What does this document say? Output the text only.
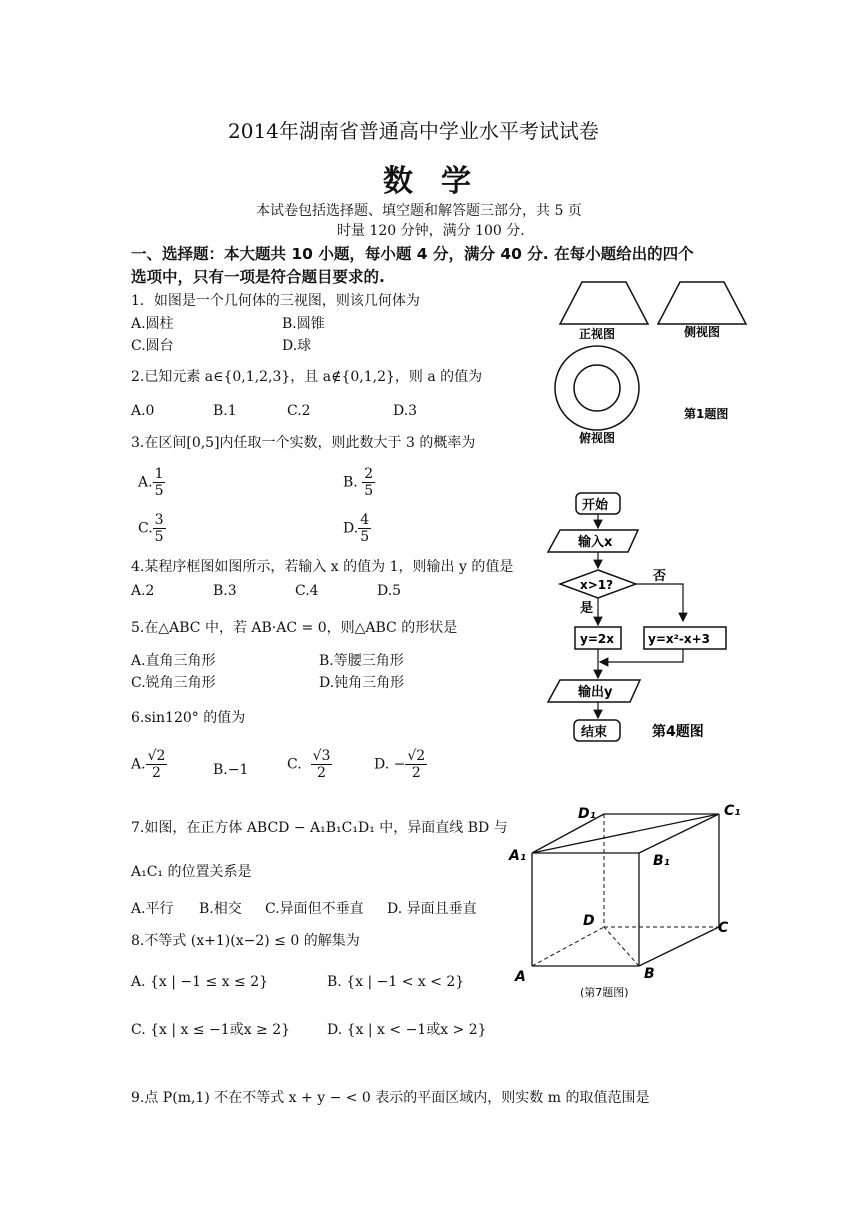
2014年湖南省普通高中学业水平考试试卷
数学
本试卷包括选择题、填空题和解答题三部分，共 5 页
时量 120 分钟，满分 100 分.
一、选择题：本大题共 10 小题，每小题 4 分，满分 40 分. 在每小题给出的四个
选项中，只有一项是符合题目要求的.
1．如图是一个几何体的三视图，则该几何体为
A.圆柱	B.圆锥
C.圆台	D.球
2.已知元素 a∈{0,1,2,3}，且 a∉{0,1,2}，则 a 的值为
A.0	B.1	C.2	D.3
3.在区间[0,5]内任取一个实数，则此数大于 3 的概率为
A. $\frac{1}{5}$	B. $\frac{2}{5}$
C. $\frac{3}{5}$	D. $\frac{4}{5}$
4.某程序框图如图所示，若输入 x 的值为 1，则输出 y 的值是
A.2	B.3	C.4	D.5
5.在△ABC 中，若 AB·AC = 0，则△ABC 的形状是
A.直角三角形	B.等腰三角形
C.锐角三角形	D.钝角三角形
6.sin120° 的值为
A. $\frac{√2}{2}$	B.−1	C. $\frac{√3}{2}$	D. − $\frac{√2}{2}$
7.如图，在正方体 ABCD − A₁B₁C₁D₁ 中，异面直线 BD 与
A₁C₁ 的位置关系是
A.平行 B.相交 C.异面但不垂直 D. 异面且垂直
8.不等式 (x+1)(x−2) ≤ 0 的解集为
A. {x | −1 ≤ x ≤ 2}	B. {x | −1 < x < 2}
C. {x | x ≤ −1或x ≥ 2}	D. {x | x < −1或x > 2}
9.点 P(m,1) 不在不等式 x + y − < 0 表示的平面区域内，则实数 m 的取值范围是
正视图	侧视图
俯视图
第1题图
开始
输入x
x>1?
否
是
y=2x	y=x²-x+3
输出y
结束	第4题图
D₁	C₁
A₁	B₁
D	C
A	B
(第7题图)
